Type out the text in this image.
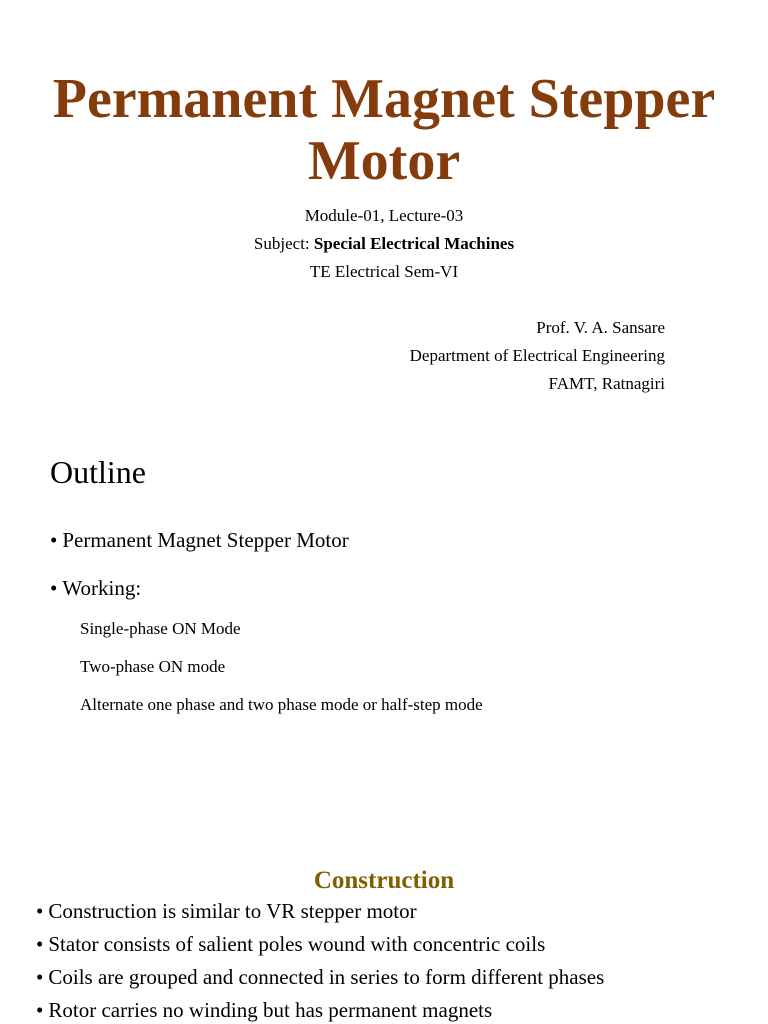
Permanent Magnet Stepper Motor
Module-01, Lecture-03
Subject: Special Electrical Machines
TE Electrical Sem-VI
Prof. V. A. Sansare
Department of Electrical Engineering
FAMT, Ratnagiri
Outline
• Permanent Magnet Stepper Motor
• Working:
Single-phase ON Mode
Two-phase ON mode
Alternate one phase and two phase mode or half-step mode
Construction
• Construction is similar to VR stepper motor
• Stator consists of salient poles wound with concentric coils
• Coils are grouped and connected in series to form different phases
• Rotor carries no winding but has permanent magnets
